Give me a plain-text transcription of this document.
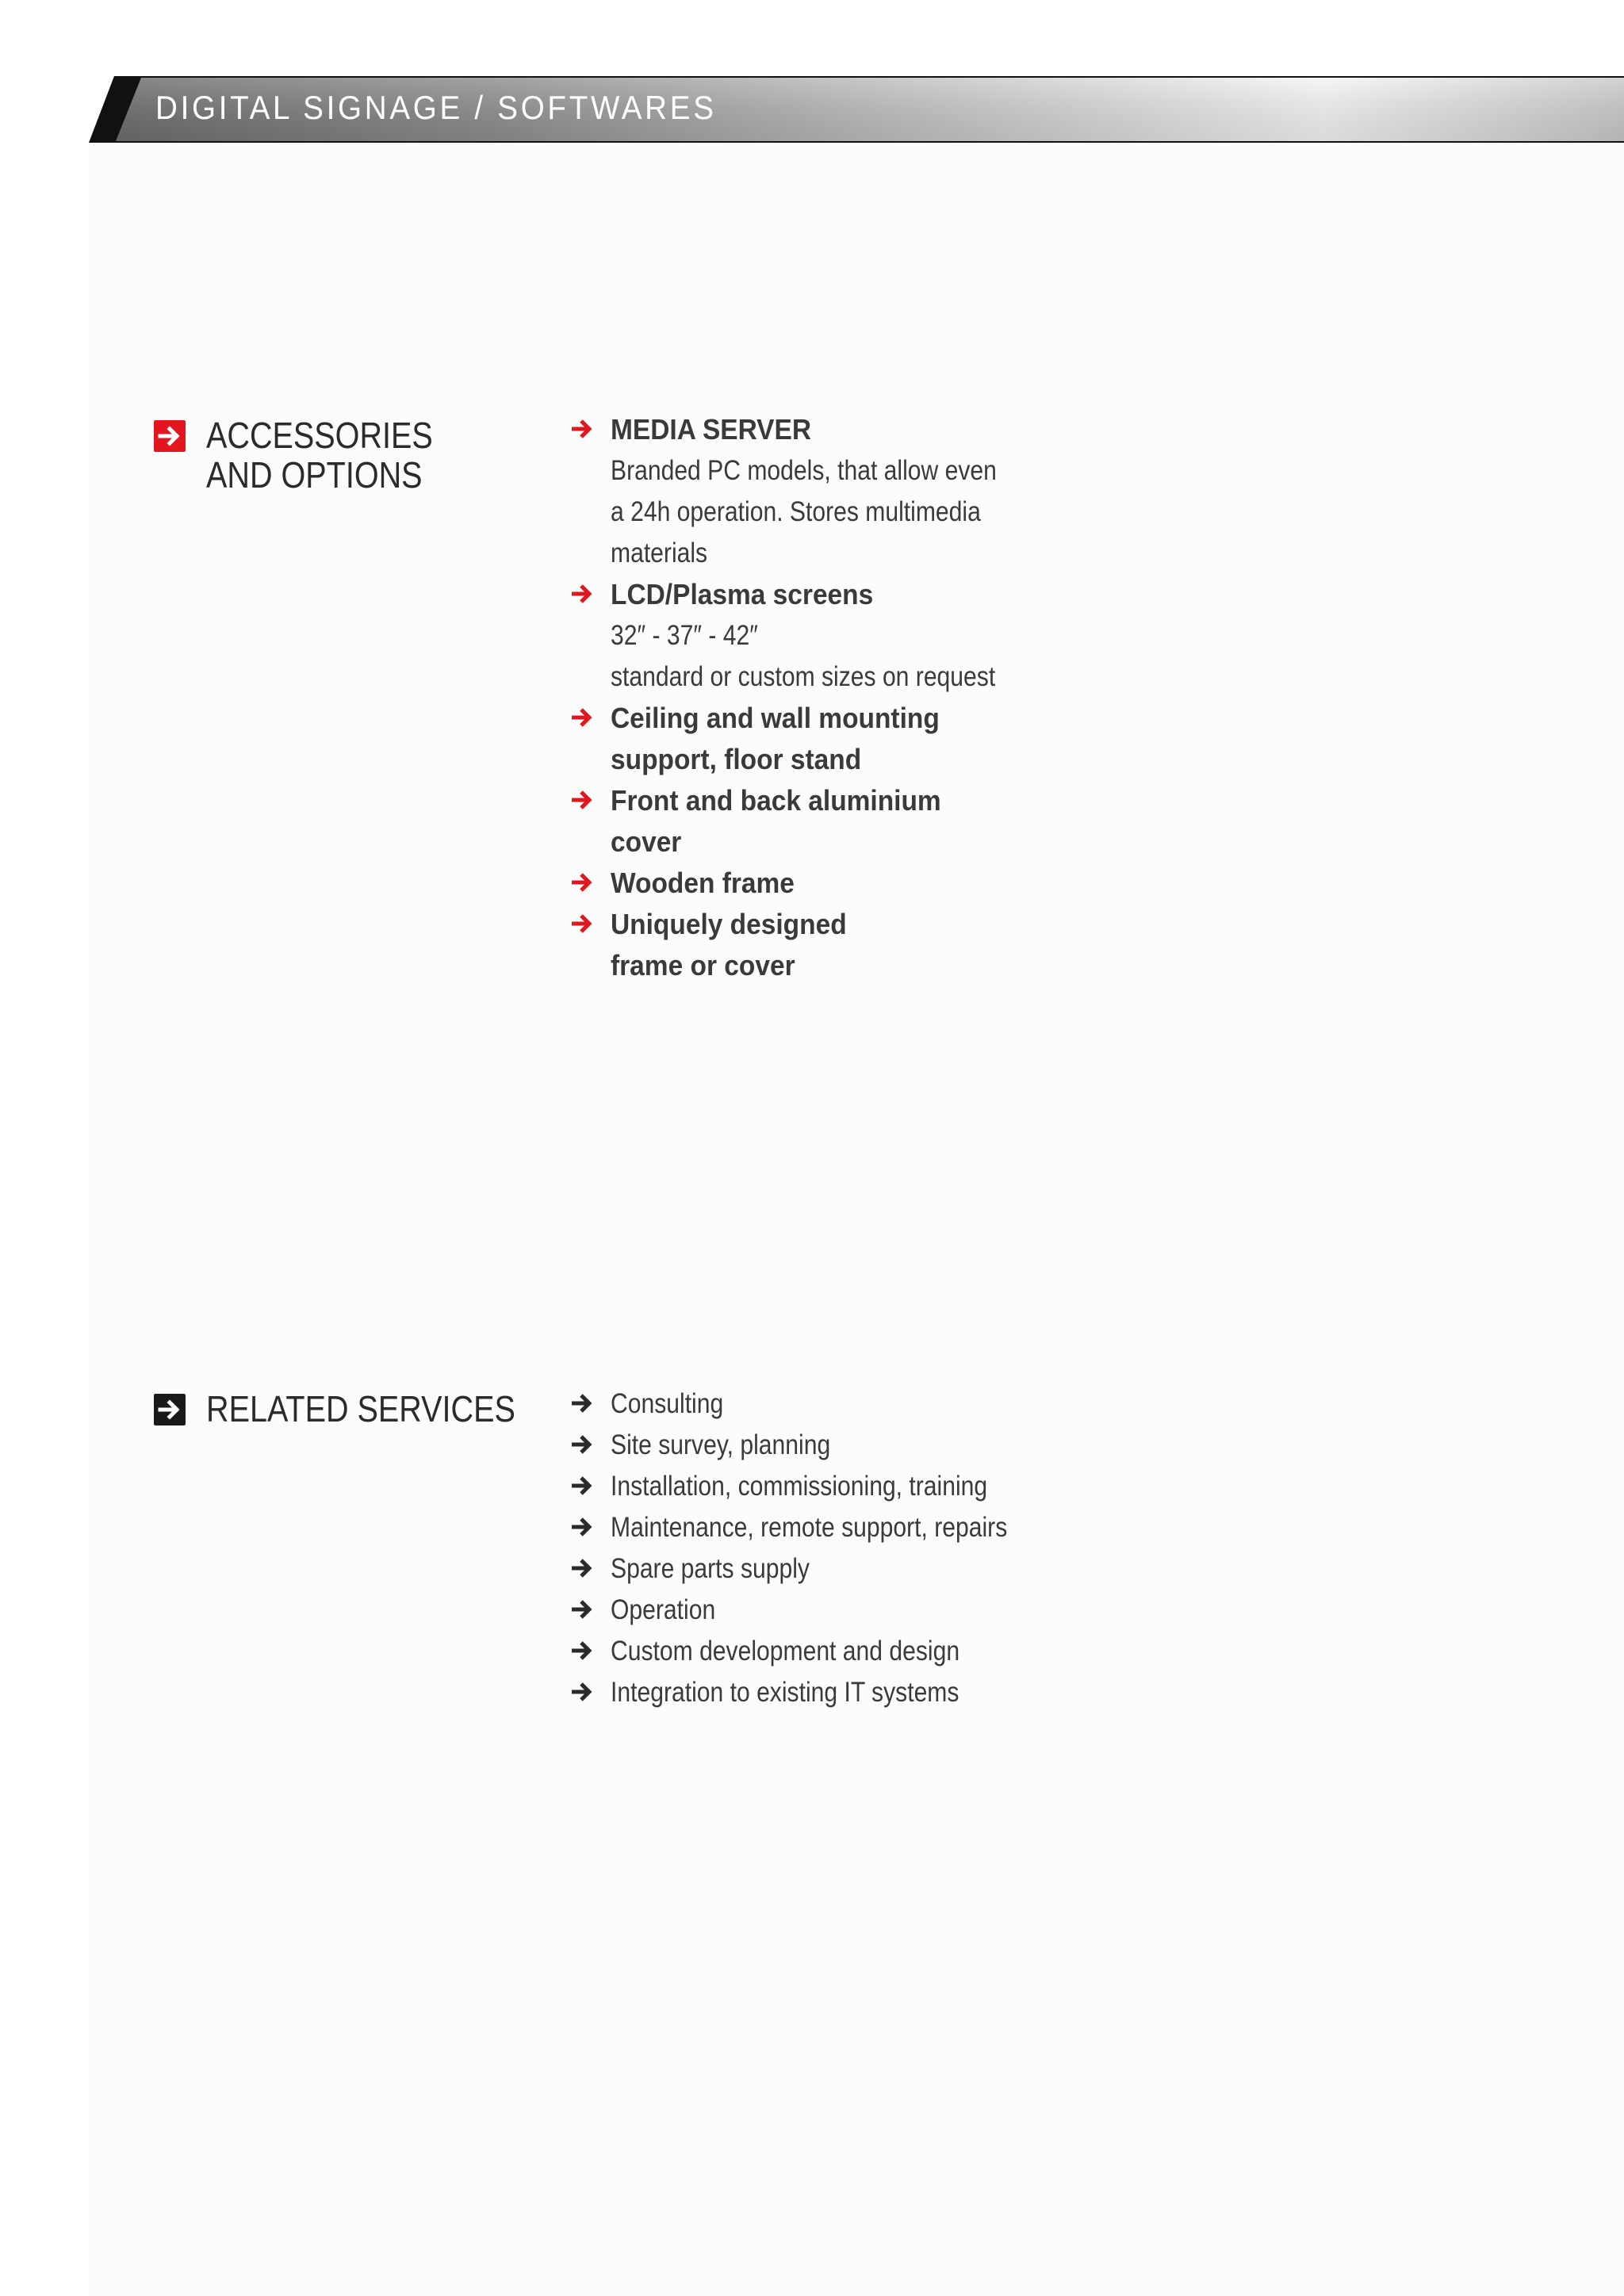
DIGITAL SIGNAGE / SOFTWARES
ACCESSORIES
AND OPTIONS
MEDIA SERVER
Branded PC models, that allow even
a 24h operation. Stores multimedia
materials
LCD/Plasma screens
32″ - 37″ - 42″
standard or custom sizes on request
Ceiling and wall mounting
support, floor stand
Front and back aluminium
cover
Wooden frame
Uniquely designed
frame or cover
RELATED SERVICES	Consulting
Site survey, planning
Installation, commissioning, training
Maintenance, remote support, repairs
Spare parts supply
Operation
Custom development and design
Integration to existing IT systems
